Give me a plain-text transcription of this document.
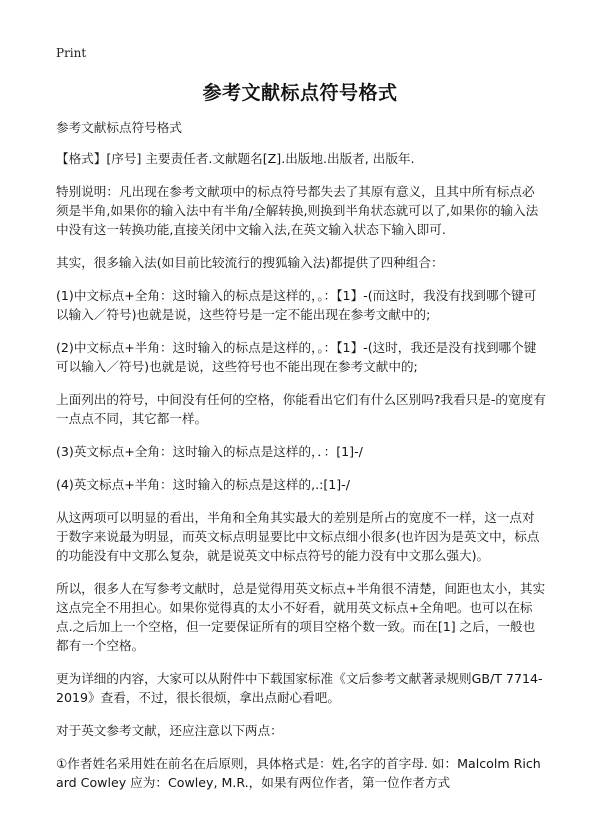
Print
参考文献标点符号格式

参考文献标点符号格式

【格式】[序号] 主要责任者.文献题名[Z].出版地.出版者, 出版年.

特别说明：凡出现在参考文献项中的标点符号都失去了其原有意义，且其中所有标点必须是半角,如果你的输入法中有半角/全解转换,则换到半角状态就可以了,如果你的输入法中没有这一转换功能,直接关闭中文输入法,在英文输入状态下输入即可.

其实，很多输入法(如目前比较流行的搜狐输入法)都提供了四种组合：

(1)中文标点+全角：这时输入的标点是这样的，。：【1】-(而这时，我没有找到哪个键可以输入／符号)也就是说，这些符号是一定不能出现在参考文献中的;

(2)中文标点+半角：这时输入的标点是这样的，。：【1】-(这时，我还是没有找到哪个键可以输入／符号)也就是说，这些符号也不能出现在参考文献中的;

上面列出的符号，中间没有任何的空格，你能看出它们有什么区别吗?我看只是-的宽度有一点点不同，其它都一样。

(3)英文标点+全角：这时输入的标点是这样的，．：[1]-/

(4)英文标点+半角：这时输入的标点是这样的,.:[1]-/

从这两项可以明显的看出，半角和全角其实最大的差别是所占的宽度不一样，这一点对于数字来说最为明显，而英文标点明显要比中文标点细小很多(也许因为是英文中，标点的功能没有中文那么复杂，就是说英文中标点符号的能力没有中文那么强大)。

所以，很多人在写参考文献时，总是觉得用英文标点+半角很不清楚，间距也太小，其实这点完全不用担心。如果你觉得真的太小不好看，就用英文标点+全角吧。也可以在标点.之后加上一个空格，但一定要保证所有的项目空格个数一致。而在[1] 之后，一般也都有一个空格。

更为详细的内容，大家可以从附件中下载国家标准《文后参考文献著录规则GB/T 7714-2019》查看，不过，很长很烦，拿出点耐心看吧。

对于英文参考文献，还应注意以下两点：

①作者姓名采用姓在前名在后原则，具体格式是：姓,名字的首字母. 如：Malcolm Richard Cowley 应为：Cowley, M.R.，如果有两位作者，第一位作者方式
